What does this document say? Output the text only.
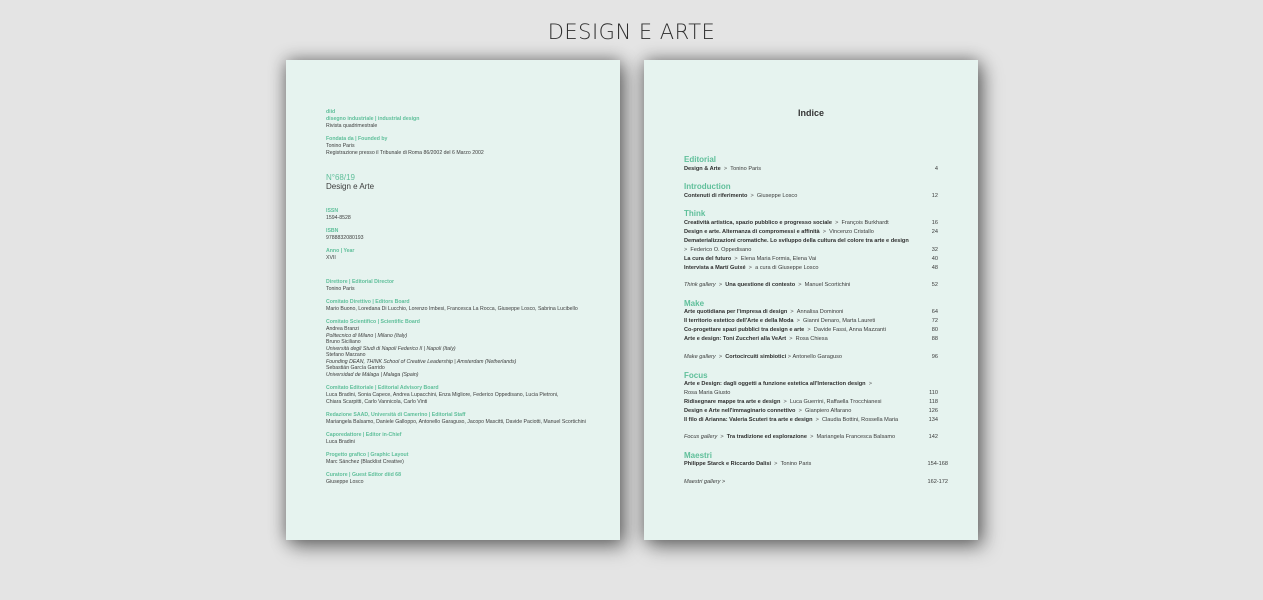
DESIGN E ARTE
diid
disegno industriale | industrial design
Rivista quadrimestrale
Fondata da | Founded by
Tonino Paris
Registrazione presso il Tribunale di Roma 86/2002 del 6 Marzo 2002
N°68/19
Design e Arte
ISSN
1594-8528
ISBN
9788832080193
Anno | Year
XVII
Direttore | Editorial Director
Tonino Paris
Comitato Direttivo | Editors Board
Mario Buono, Loredana Di Lucchio, Lorenzo Imbesi, Francesca La Rocca, Giuseppe Losco, Sabrina Lucibello
Comitato Scientifico | Scientific Board
Andrea Branzi
Politecnico di Milano | Milano (Italy)
Bruno Siciliano
Università degli Studi di Napoli Federico II | Napoli (Italy)
Stefano Marzano
Founding DEAN, THINK School of Creative Leadership | Amsterdam (Netherlands)
Sebastián García Garrido
Universidad de Málaga | Malaga (Spain)
Comitato Editoriale | Editorial Advisory Board
Luca Bradini, Sonia Capece, Andrea Lupacchini, Enza Migliore, Federico Oppedisano, Lucia Pietroni,
Chiara Scarpitti, Carlo Vannicola, Carlo Vinti
Redazione SAAD, Università di Camerino | Editorial Staff
Mariangela Balsamo, Daniele Galloppo, Antonello Garaguso, Jacopo Mascitti, Davide Paciotti, Manuel Scortichini
Caporedattore | Editor in-Chief
Luca Bradini
Progetto grafico | Graphic Layout
Marc Sánchez (Blacklist Creative)
Curatore | Guest Editor diid 68
Giuseppe Losco
Indice
Editorial
Design & Arte > Tonino Paris	4
Introduction
Contenuti di riferimento > Giuseppe Losco	12
Think
Creatività artistica, spazio pubblico e progresso sociale > François Burkhardt	16
Design e arte. Alternanza di compromessi e affinità > Vincenzo Cristallo	24
Dematerializzazioni cromatiche. Lo sviluppo della cultura del colore tra arte e design
> Federico O. Oppedisano	32
La cura del futuro > Elena Maria Formia, Elena Vai	40
Intervista a Martí Guixé > a cura di Giuseppe Losco	48
Think gallery > Una questione di contesto > Manuel Scortichini	52
Make
Arte quotidiana per l'impresa di design > Annalisa Dominoni	64
Il territorio estetico dell'Arte e della Moda > Gianni Denaro, Marta Laureti	72
Co-progettare spazi pubblici tra design e arte > Davide Fassi, Anna Mazzanti	80
Arte e design: Toni Zuccheri alla VeArt > Rosa Chiesa	88
Make gallery > Cortocircuiti simbiotici > Antonello Garaguso	96
Focus
Arte e Design: dagli oggetti a funzione estetica all'Interaction design >
Rosa Maria Giusto	110
Ridisegnare mappe tra arte e design > Luca Guerrini, Raffaella Trocchianesi	118
Design e Arte nell'immaginario connettivo > Gianpiero Alfarano	126
Il filo di Arianna: Valeria Scuteri tra arte e design > Claudia Bottini, Rossella Maria	134
Focus gallery > Tra tradizione ed esplorazione > Mariangela Francesca Balsamo	142
Maestri
Philippe Starck e Riccardo Dalisi > Tonino Paris	154-168
Maestri gallery >	162-172
